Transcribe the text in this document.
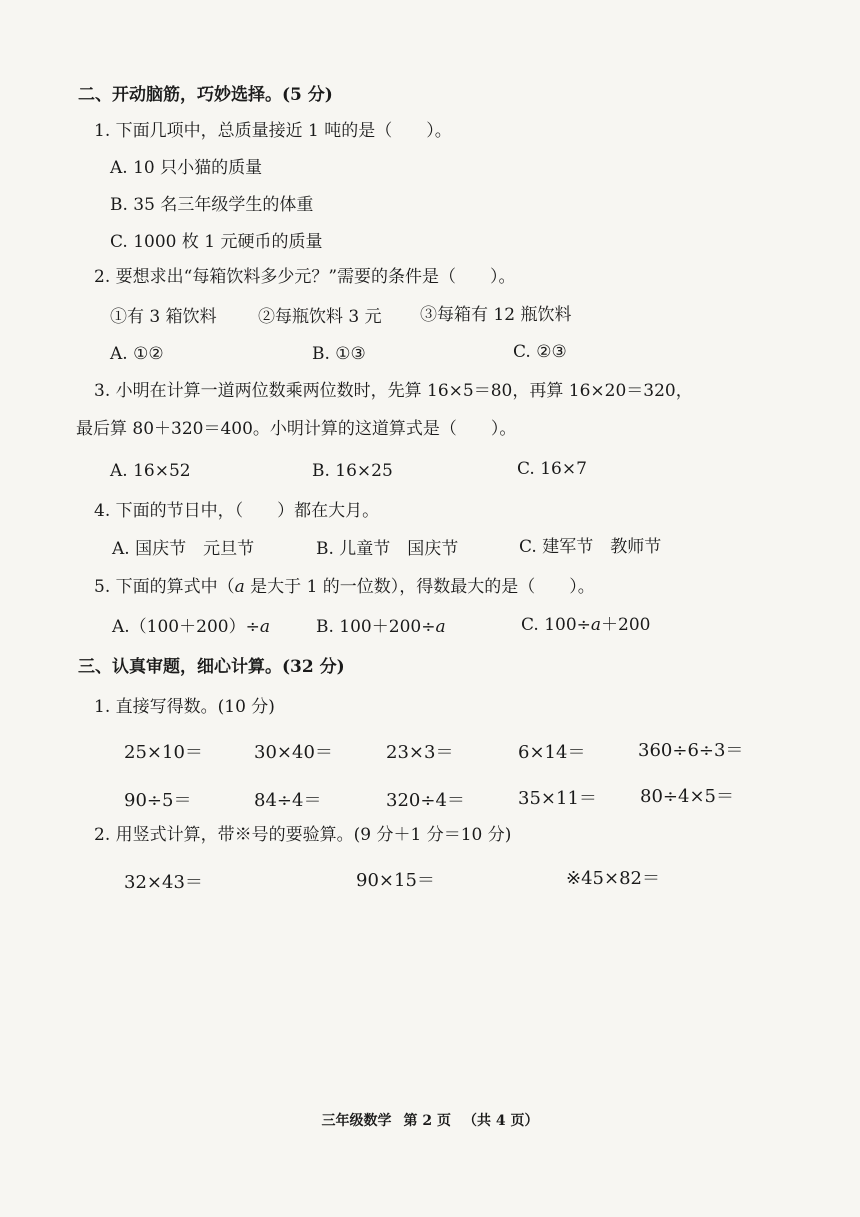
二、开动脑筋，巧妙选择。(5 分)
1. 下面几项中，总质量接近 1 吨的是（　　）。
A. 10 只小猫的质量
B. 35 名三年级学生的体重
C. 1000 枚 1 元硬币的质量
2. 要想求出“每箱饮料多少元？”需要的条件是（　　）。
①有 3 箱饮料 ②每瓶饮料 3 元 ③每箱有 12 瓶饮料
A. ①②	B. ①③	C. ②③
3. 小明在计算一道两位数乘两位数时，先算 16×5＝80，再算 16×20＝320，
最后算 80＋320＝400。小明计算的这道算式是（　　）。
A. 16×52	B. 16×25	C. 16×7
4. 下面的节日中，（　　）都在大月。
A. 国庆节　元旦节	B. 儿童节　国庆节	C. 建军节　教师节
5. 下面的算式中（a 是大于 1 的一位数），得数最大的是（　　）。
A.（100＋200）÷a	B. 100＋200÷a	C. 100÷a＋200
三、认真审题，细心计算。(32 分)
1. 直接写得数。(10 分)
25×10＝	30×40＝	23×3＝	6×14＝	360÷6÷3＝
90÷5＝	84÷4＝	320÷4＝	35×11＝ 80÷4×5＝
2. 用竖式计算，带※号的要验算。(9 分＋1 分＝10 分)
32×43＝	90×15＝	※45×82＝
三年级数学 第 2 页 （共 4 页）
